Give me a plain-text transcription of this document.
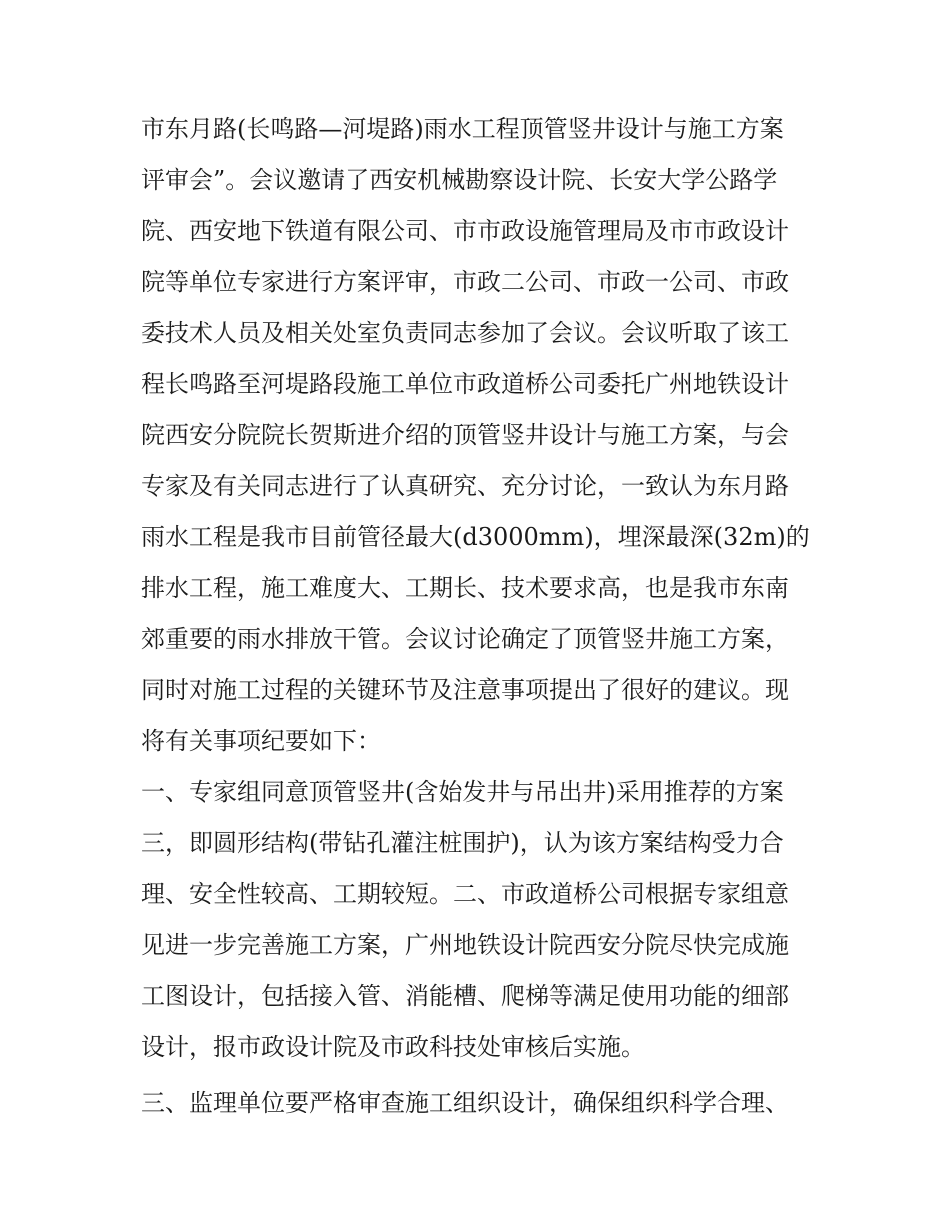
市东月路(长鸣路—河堤路)雨水工程顶管竖井设计与施工方案

评审会”。会议邀请了西安机械勘察设计院、长安大学公路学

院、西安地下铁道有限公司、市市政设施管理局及市市政设计

院等单位专家进行方案评审，市政二公司、市政一公司、市政

委技术人员及相关处室负责同志参加了会议。会议听取了该工

程长鸣路至河堤路段施工单位市政道桥公司委托广州地铁设计

院西安分院院长贺斯进介绍的顶管竖井设计与施工方案，与会

专家及有关同志进行了认真研究、充分讨论，一致认为东月路

雨水工程是我市目前管径最大(d3000mm)，埋深最深(32m)的

排水工程，施工难度大、工期长、技术要求高，也是我市东南

郊重要的雨水排放干管。会议讨论确定了顶管竖井施工方案，

同时对施工过程的关键环节及注意事项提出了很好的建议。现

将有关事项纪要如下：

一、专家组同意顶管竖井(含始发井与吊出井)采用推荐的方案

三，即圆形结构(带钻孔灌注桩围护)，认为该方案结构受力合

理、安全性较高、工期较短。二、市政道桥公司根据专家组意

见进一步完善施工方案，广州地铁设计院西安分院尽快完成施

工图设计，包括接入管、消能槽、爬梯等满足使用功能的细部

设计，报市政设计院及市政科技处审核后实施。

三、监理单位要严格审查施工组织设计，确保组织科学合理、
